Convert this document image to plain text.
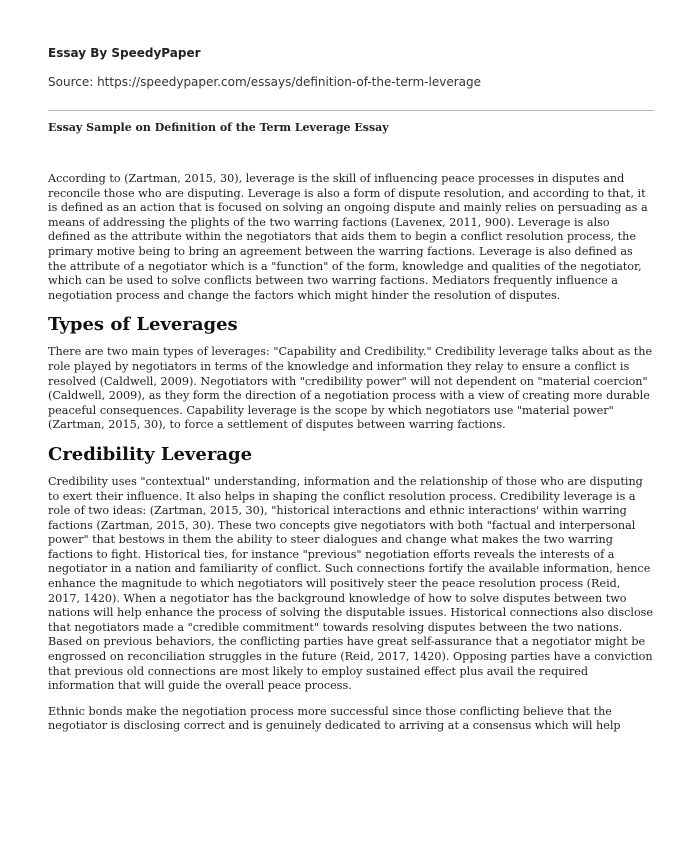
Essay By SpeedyPaper
Source: https://speedypaper.com/essays/definition-of-the-term-leverage
Essay Sample on Definition of the Term Leverage Essay

According to (Zartman, 2015, 30), leverage is the skill of influencing peace processes in disputes and reconcile those who are disputing. Leverage is also a form of dispute resolution, and according to that, it is defined as an action that is focused on solving an ongoing dispute and mainly relies on persuading as a means of addressing the plights of the two warring factions (Lavenex, 2011, 900). Leverage is also defined as the attribute within the negotiators that aids them to begin a conflict resolution process, the primary motive being to bring an agreement between the warring factions. Leverage is also defined as the attribute of a negotiator which is a "function" of the form, knowledge and qualities of the negotiator, which can be used to solve conflicts between two warring factions. Mediators frequently influence a negotiation process and change the factors which might hinder the resolution of disputes.

Types of Leverages

There are two main types of leverages: "Capability and Credibility." Credibility leverage talks about as the role played by negotiators in terms of the knowledge and information they relay to ensure a conflict is resolved (Caldwell, 2009). Negotiators with "credibility power" will not dependent on "material coercion" (Caldwell, 2009), as they form the direction of a negotiation process with a view of creating more durable peaceful consequences. Capability leverage is the scope by which negotiators use "material power" (Zartman, 2015, 30), to force a settlement of disputes between warring factions.

Credibility Leverage

Credibility uses "contextual" understanding, information and the relationship of those who are disputing to exert their influence. It also helps in shaping the conflict resolution process. Credibility leverage is a role of two ideas: (Zartman, 2015, 30), "historical interactions and ethnic interactions' within warring factions (Zartman, 2015, 30). These two concepts give negotiators with both "factual and interpersonal power" that bestows in them the ability to steer dialogues and change what makes the two warring factions to fight. Historical ties, for instance "previous" negotiation efforts reveals the interests of a negotiator in a nation and familiarity of conflict. Such connections fortify the available information, hence enhance the magnitude to which negotiators will positively steer the peace resolution process (Reid, 2017, 1420). When a negotiator has the background knowledge of how to solve disputes between two nations will help enhance the process of solving the disputable issues. Historical connections also disclose that negotiators made a "credible commitment" towards resolving disputes between the two nations. Based on previous behaviors, the conflicting parties have great self-assurance that a negotiator might be engrossed on reconciliation struggles in the future (Reid, 2017, 1420). Opposing parties have a conviction that previous old connections are most likely to employ sustained effect plus avail the required information that will guide the overall peace process.

Ethnic bonds make the negotiation process more successful since those conflicting believe that the negotiator is disclosing correct and is genuinely dedicated to arriving at a consensus which will help
